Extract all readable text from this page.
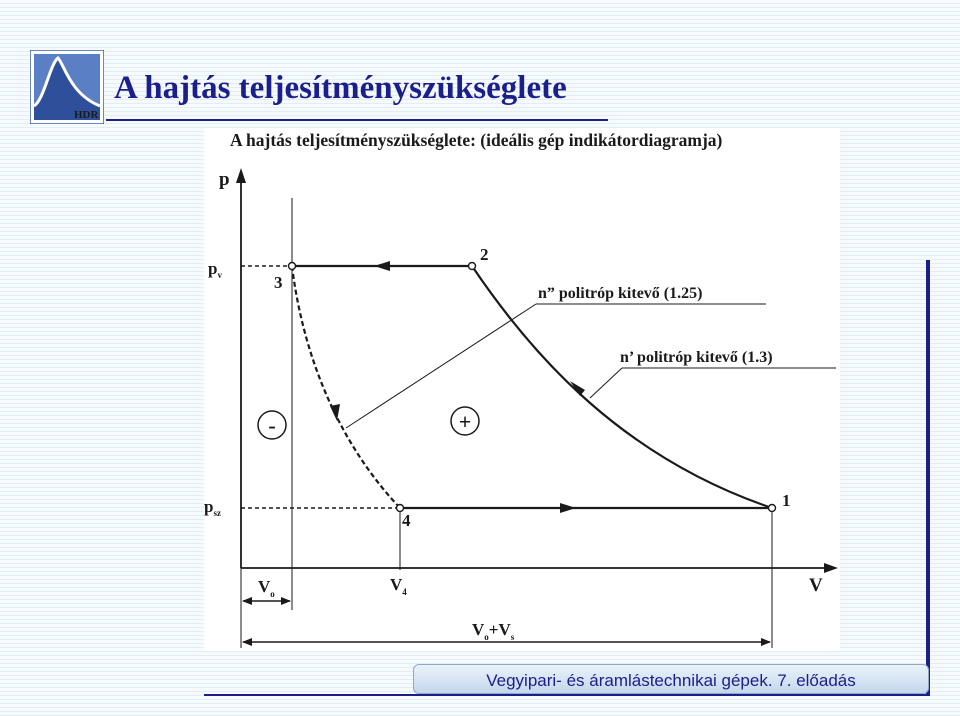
HDR
A hajtás teljesítményszükséglete
A hajtás teljesítményszükséglete: (ideális gép indikátordiagramja)
p
V
$p_v$
$p_{sz}$
n” politróp kitevő (1.25)
n’ politróp kitevő (1.3)
1
2
3
4
-	+
$V_o$	$V_4$
$V_o+V_s$
Vegyipari- és áramlástechnikai gépek. 7. előadás
